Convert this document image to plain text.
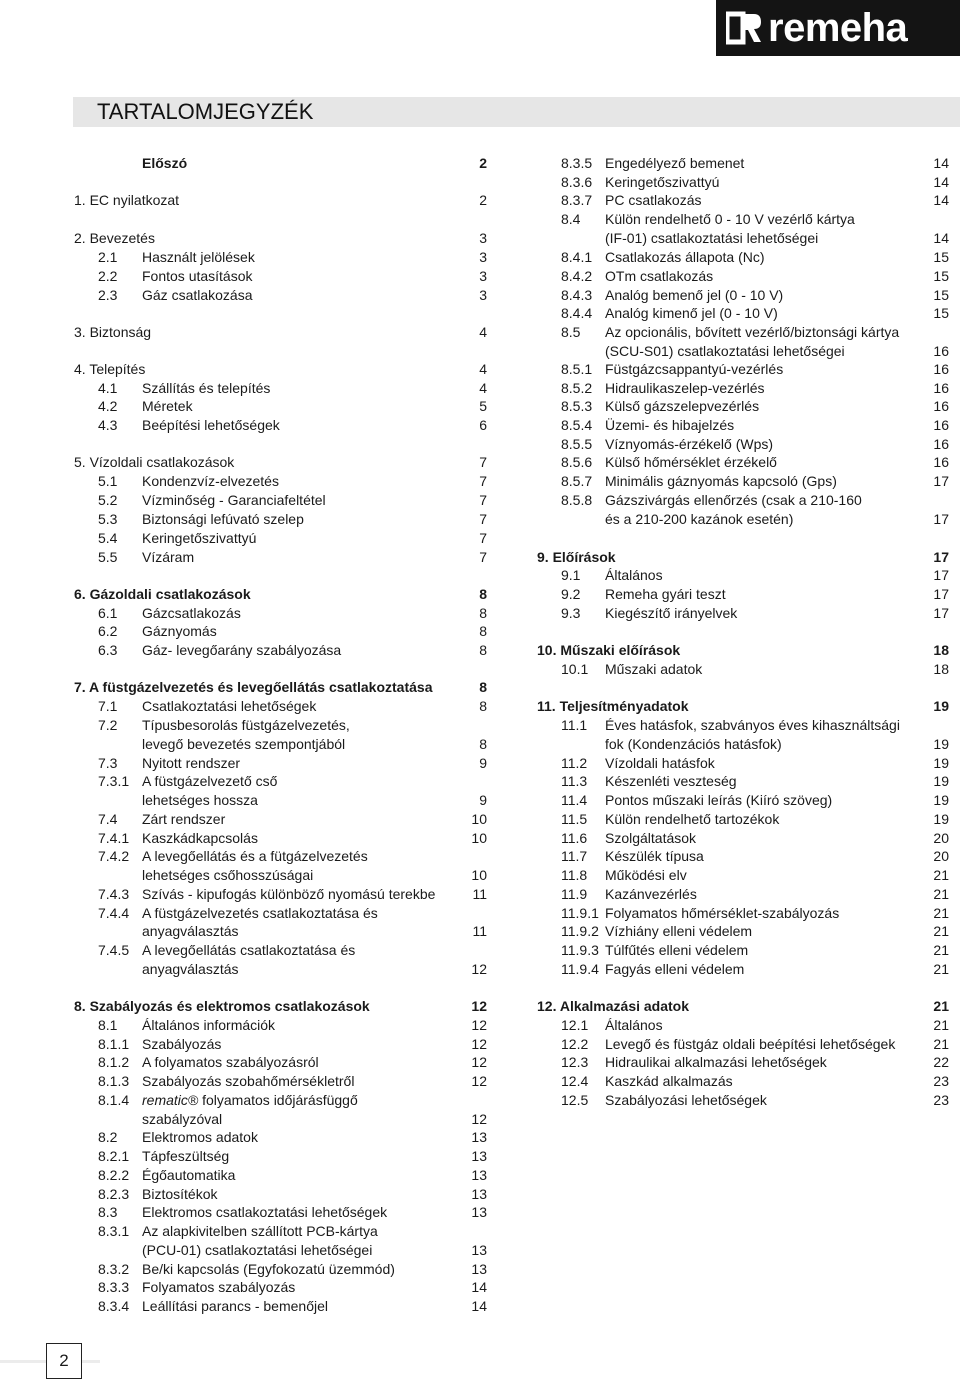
remeha
TARTALOMJEGYZÉK
Előszó	2
1. EC nyilatkozat	2
2. Bevezetés	3
2.1 Használt jelölések	3
2.2 Fontos utasítások	3
2.3 Gáz csatlakozása	3
3. Biztonság	4
4. Telepítés	4
4.1 Szállítás és telepítés	4
4.2 Méretek	5
4.3 Beépítési lehetőségek	6
5. Vízoldali csatlakozások	7
5.1 Kondenzvíz-elvezetés	7
5.2 Vízminőség - Garanciafeltétel	7
5.3 Biztonsági lefúvató szelep	7
5.4 Keringetőszivattyú	7
5.5 Vízáram	7
6. Gázoldali csatlakozások	8
6.1 Gázcsatlakozás	8
6.2 Gáznyomás	8
6.3 Gáz- levegőarány szabályozása	8
7. A füstgázelvezetés és levegőellátás csatlakoztatása	8
7.1 Csatlakoztatási lehetőségek	8
7.2 Típusbesorolás füstgázelvezetés,
levegő bevezetés szempontjából	8
7.3 Nyitott rendszer	9
7.3.1 A füstgázelvezető cső
lehetséges hossza	9
7.4 Zárt rendszer	10
7.4.1 Kaszkádkapcsolás	10
7.4.2 A levegőellátás és a fütgázelvezetés
lehetséges csőhosszúságai	10
7.4.3 Szívás - kipufogás különböző nyomású terekbe	11
7.4.4 A füstgázelvezetés csatlakoztatása és
anyagválasztás	11
7.4.5 A levegőellátás csatlakoztatása és
anyagválasztás	12
8. Szabályozás és elektromos csatlakozások	12
8.1 Általános információk	12
8.1.1 Szabályozás	12
8.1.2 A folyamatos szabályozásról	12
8.1.3 Szabályozás szobahőmérsékletről	12
8.1.4 rematic® folyamatos időjárásfüggő
szabályzóval	12
8.2 Elektromos adatok	13
8.2.1 Tápfeszültség	13
8.2.2 Égőautomatika	13
8.2.3 Biztosítékok	13
8.3 Elektromos csatlakoztatási lehetőségek	13
8.3.1 Az alapkivitelben szállított PCB-kártya
(PCU-01) csatlakoztatási lehetőségei	13
8.3.2 Be/ki kapcsolás (Egyfokozatú üzemmód)	13
8.3.3 Folyamatos szabályozás	14
8.3.4 Leállítási parancs - bemenőjel	14
8.3.5 Engedélyező bemenet	14
8.3.6 Keringetőszivattyú	14
8.3.7 PC csatlakozás	14
8.4 Külön rendelhető 0 - 10 V vezérlő kártya
(IF-01) csatlakoztatási lehetőségei	14
8.4.1 Csatlakozás állapota (Nc)	15
8.4.2 OTm csatlakozás	15
8.4.3 Analóg bemenő jel (0 - 10 V)	15
8.4.4 Analóg kimenő jel (0 - 10 V)	15
8.5 Az opcionális, bővített vezérlő/biztonsági kártya
(SCU-S01) csatlakoztatási lehetőségei	16
8.5.1 Füstgázcsappantyú-vezérlés	16
8.5.2 Hidraulikaszelep-vezérlés	16
8.5.3 Külső gázszelepvezérlés	16
8.5.4 Üzemi- és hibajelzés	16
8.5.5 Víznyomás-érzékelő (Wps)	16
8.5.6 Külső hőmérséklet érzékelő	16
8.5.7 Minimális gáznyomás kapcsoló (Gps)	17
8.5.8 Gázszivárgás ellenőrzés (csak a 210-160
és a 210-200 kazánok esetén)	17
9. Előírások	17
9.1 Általános	17
9.2 Remeha gyári teszt	17
9.3 Kiegészítő irányelvek	17
10. Műszaki előírások	18
10.1 Műszaki adatok	18
11. Teljesítményadatok	19
11.1 Éves hatásfok, szabványos éves kihasználtsági
fok (Kondenzációs hatásfok)	19
11.2 Vízoldali hatásfok	19
11.3 Készenléti veszteség	19
11.4 Pontos műszaki leírás (Kiíró szöveg)	19
11.5 Külön rendelhető tartozékok	19
11.6 Szolgáltatások	20
11.7 Készülék típusa	20
11.8 Működési elv	21
11.9 Kazánvezérlés	21
11.9.1 Folyamatos hőmérséklet-szabályozás	21
11.9.2 Vízhiány elleni védelem	21
11.9.3 Túlfűtés elleni védelem	21
11.9.4 Fagyás elleni védelem	21
12. Alkalmazási adatok	21
12.1 Általános	21
12.2 Levegő és füstgáz oldali beépítési lehetőségek	21
12.3 Hidraulikai alkalmazási lehetőségek	22
12.4 Kaszkád alkalmazás	23
12.5 Szabályozási lehetőségek	23
2
